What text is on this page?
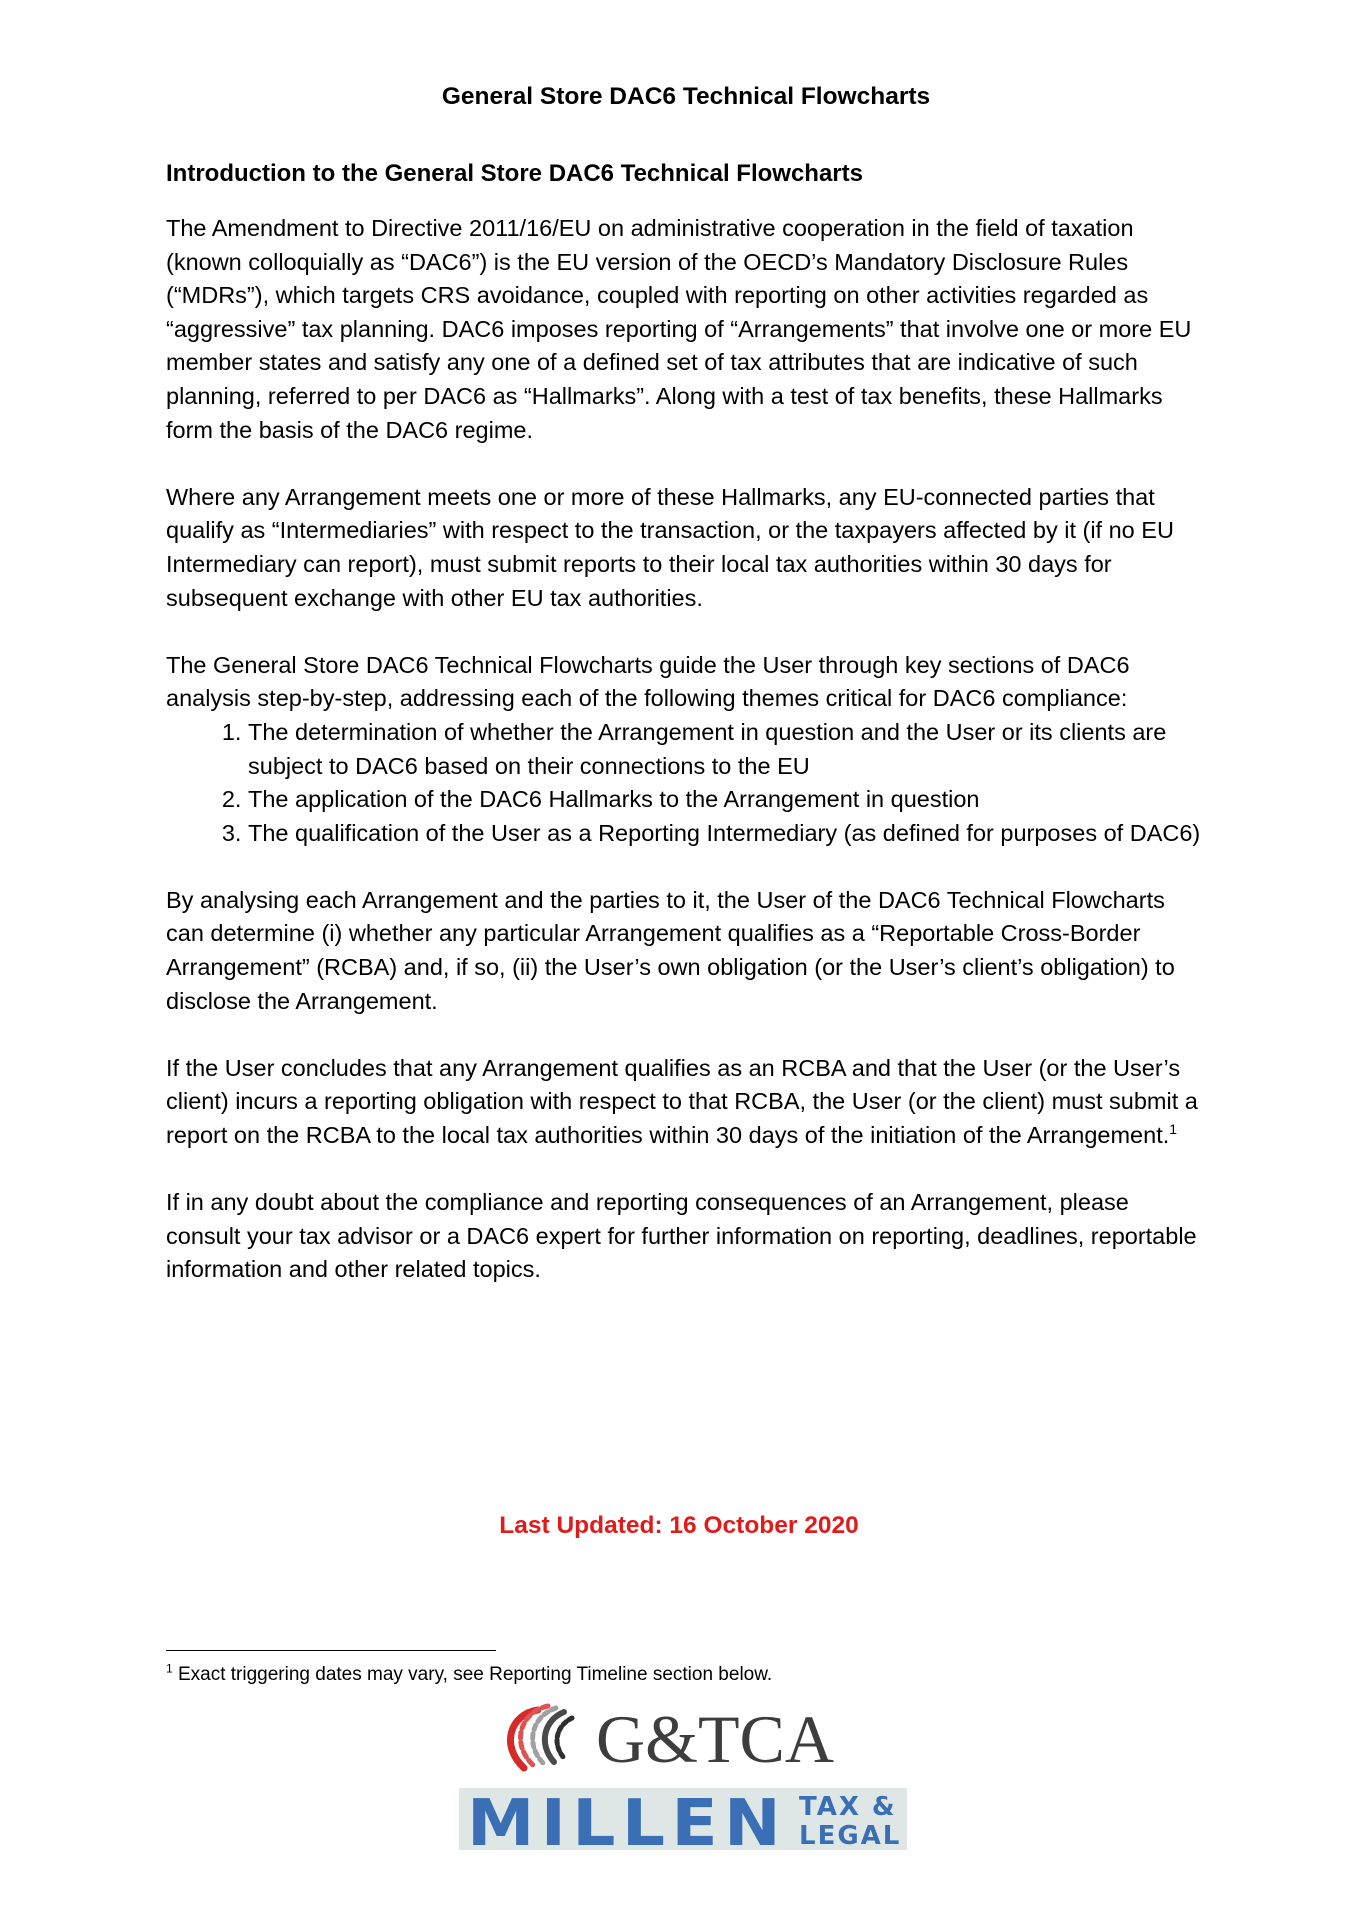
General Store DAC6 Technical Flowcharts
Introduction to the General Store DAC6 Technical Flowcharts

The Amendment to Directive 2011/16/EU on administrative cooperation in the field of taxation (known colloquially as “DAC6”) is the EU version of the OECD’s Mandatory Disclosure Rules (“MDRs”), which targets CRS avoidance, coupled with reporting on other activities regarded as “aggressive” tax planning. DAC6 imposes reporting of “Arrangements” that involve one or more EU member states and satisfy any one of a defined set of tax attributes that are indicative of such planning, referred to per DAC6 as “Hallmarks”. Along with a test of tax benefits, these Hallmarks form the basis of the DAC6 regime.

Where any Arrangement meets one or more of these Hallmarks, any EU-connected parties that qualify as “Intermediaries” with respect to the transaction, or the taxpayers affected by it (if no EU Intermediary can report), must submit reports to their local tax authorities within 30 days for subsequent exchange with other EU tax authorities.

The General Store DAC6 Technical Flowcharts guide the User through key sections of DAC6 analysis step-by-step, addressing each of the following themes critical for DAC6 compliance:

1. The determination of whether the Arrangement in question and the User or its clients are subject to DAC6 based on their connections to the EU
2. The application of the DAC6 Hallmarks to the Arrangement in question
3. The qualification of the User as a Reporting Intermediary (as defined for purposes of DAC6)

By analysing each Arrangement and the parties to it, the User of the DAC6 Technical Flowcharts can determine (i) whether any particular Arrangement qualifies as a “Reportable Cross-Border Arrangement” (RCBA) and, if so, (ii) the User’s own obligation (or the User’s client’s obligation) to disclose the Arrangement.

If the User concludes that any Arrangement qualifies as an RCBA and that the User (or the User’s client) incurs a reporting obligation with respect to that RCBA, the User (or the client) must submit a report on the RCBA to the local tax authorities within 30 days of the initiation of the Arrangement.$^1$

If in any doubt about the compliance and reporting consequences of an Arrangement, please consult your tax advisor or a DAC6 expert for further information on reporting, deadlines, reportable information and other related topics.

Last Updated: 16 October 2020
$^1$ Exact triggering dates may vary, see Reporting Timeline section below.
G&TCA
MILLEN TAX &
LEGAL
